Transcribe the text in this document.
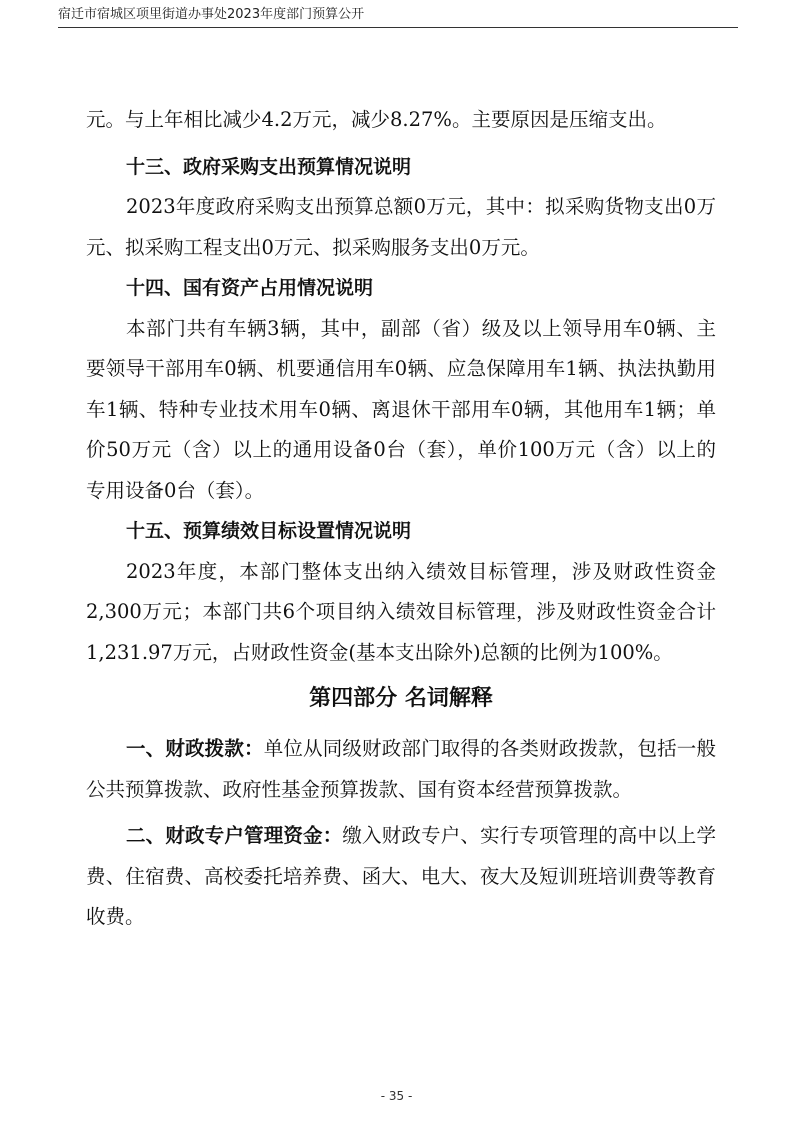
宿迁市宿城区项里街道办事处2023年度部门预算公开

元。与上年相比减少4.2万元，减少8.27%。主要原因是压缩支出。

十三、政府采购支出预算情况说明

2023年度政府采购支出预算总额0万元，其中：拟采购货物支出0万元、拟采购工程支出0万元、拟采购服务支出0万元。

十四、国有资产占用情况说明

本部门共有车辆3辆，其中，副部（省）级及以上领导用车0辆、主要领导干部用车0辆、机要通信用车0辆、应急保障用车1辆、执法执勤用车1辆、特种专业技术用车0辆、离退休干部用车0辆，其他用车1辆；单价50万元（含）以上的通用设备0台（套），单价100万元（含）以上的专用设备0台（套）。

十五、预算绩效目标设置情况说明

2023年度，本部门整体支出纳入绩效目标管理，涉及财政性资金2,300万元；本部门共6个项目纳入绩效目标管理，涉及财政性资金合计1,231.97万元，占财政性资金(基本支出除外)总额的比例为100%。

第四部分 名词解释

一、财政拨款：单位从同级财政部门取得的各类财政拨款，包括一般公共预算拨款、政府性基金预算拨款、国有资本经营预算拨款。

二、财政专户管理资金：缴入财政专户、实行专项管理的高中以上学费、住宿费、高校委托培养费、函大、电大、夜大及短训班培训费等教育收费。

- 35 -
